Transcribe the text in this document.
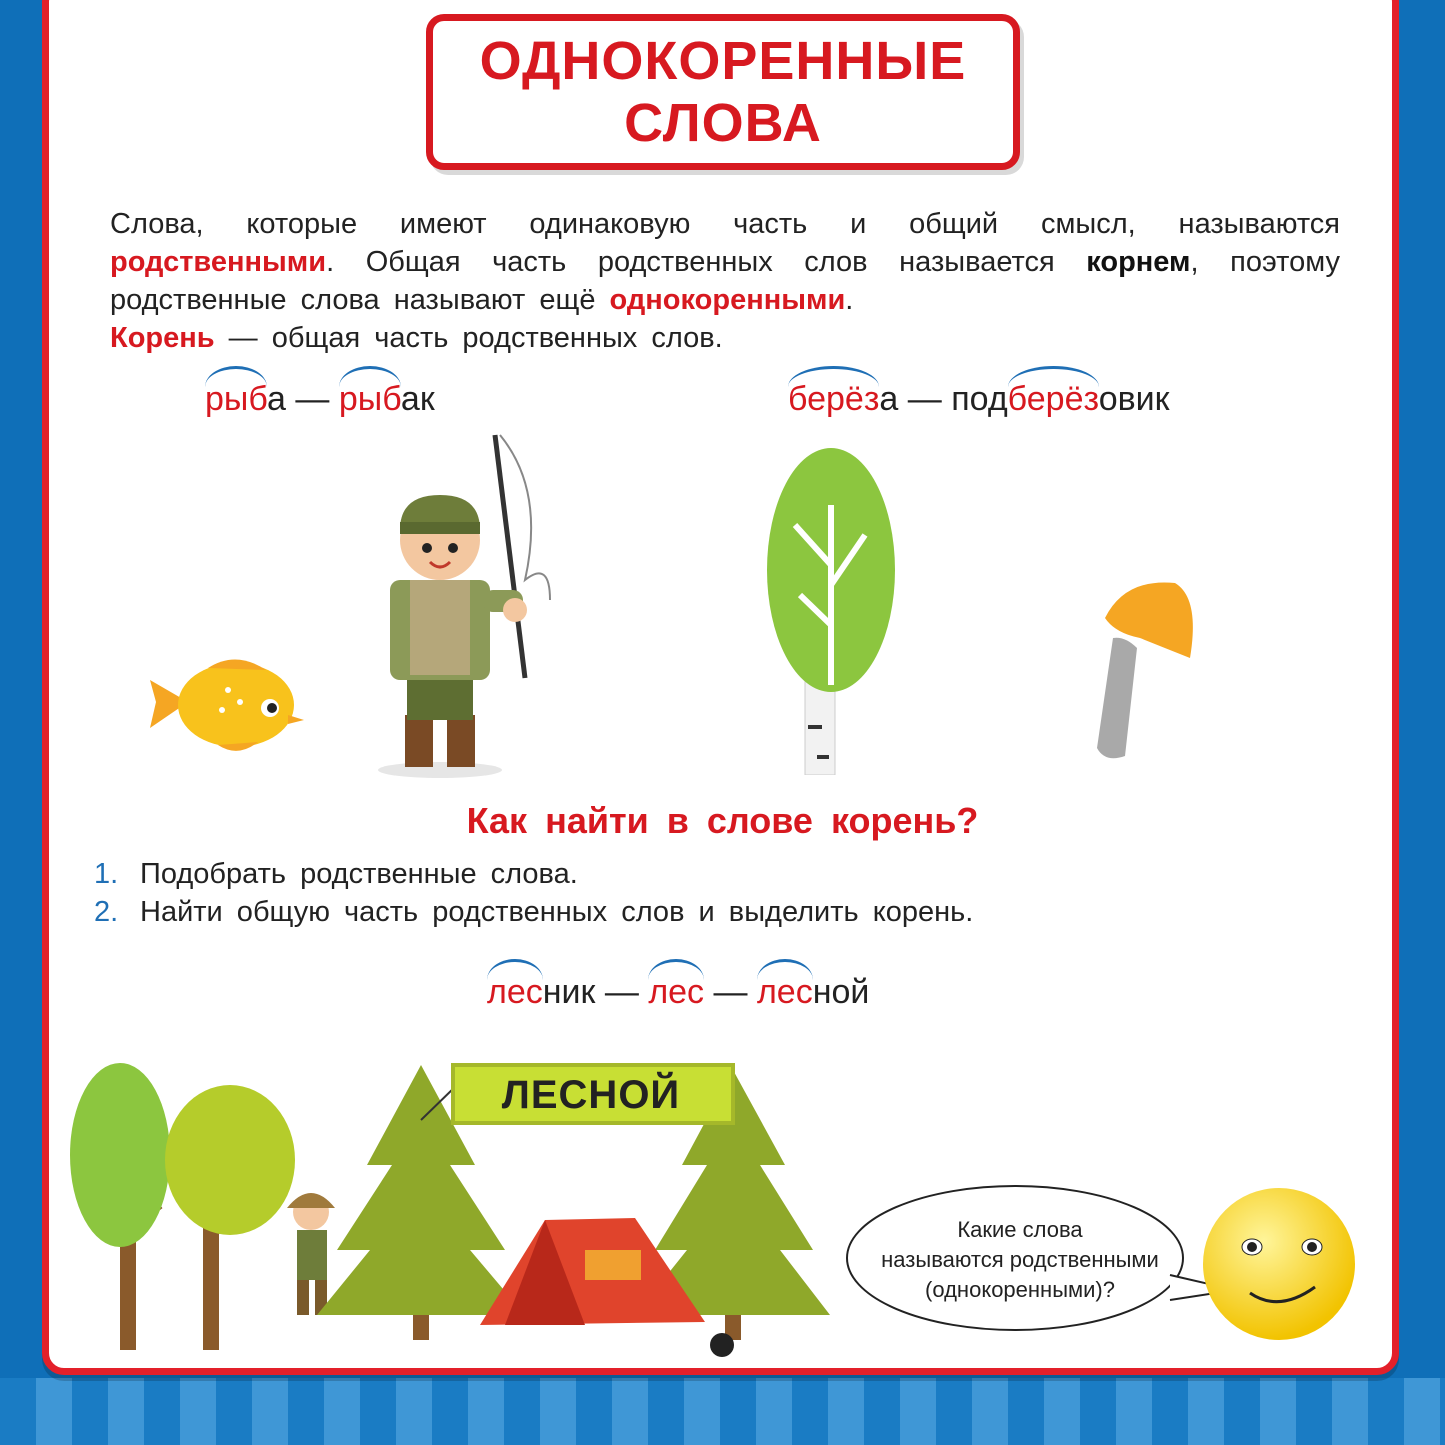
ОДНОКОРЕННЫЕ
СЛОВА
Слова, которые имеют одинаковую часть и общий смысл, называются родственными. Общая часть родственных слов называется корнем, поэтому родственные слова называют ещё однокоренными.
Корень — общая часть родственных слов.
рыба —
рыбак	берёза — под
берёзовик
Как найти в слове корень?
1. Подобрать родственные слова.
2. Найти общую часть родственных слов и выделить корень.
лесник —
лес —
лесной
ЛЕСНОЙ
Какие слова
называются родственными
(однокоренными)?
